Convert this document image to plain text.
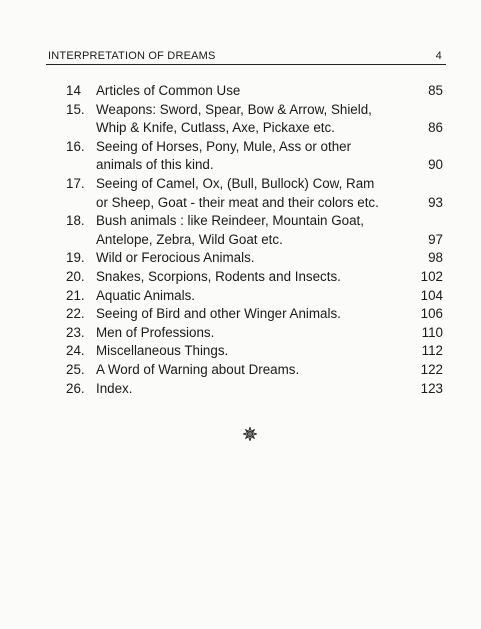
INTERPRETATION OF DREAMS	4
14 Articles of Common Use	85
15. Weapons: Sword, Spear, Bow & Arrow, Shield,
Whip & Knife, Cutlass, Axe, Pickaxe etc.	86
16. Seeing of Horses, Pony, Mule, Ass or other
animals of this kind.	90
17. Seeing of Camel, Ox, (Bull, Bullock) Cow, Ram
or Sheep, Goat - their meat and their colors etc.	93
18. Bush animals : like Reindeer, Mountain Goat,
Antelope, Zebra, Wild Goat etc.	97
19. Wild or Ferocious Animals.	98
20. Snakes, Scorpions, Rodents and Insects.	102
21. Aquatic Animals.	104
22. Seeing of Bird and other Winger Animals.	106
23. Men of Professions.	110
24. Miscellaneous Things.	112
25. A Word of Warning about Dreams.	122
26. Index.	123
